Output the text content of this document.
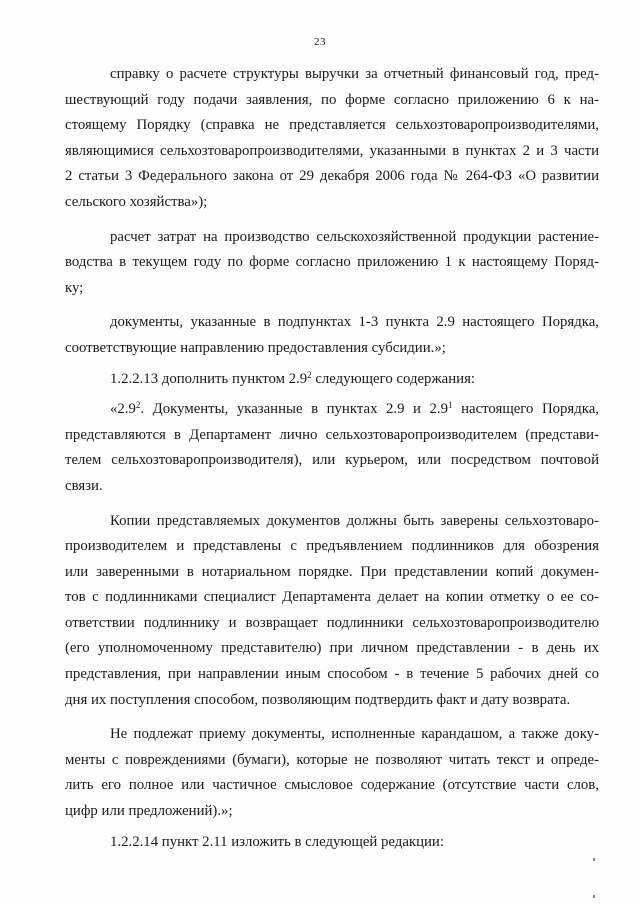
23
справку о расчете структуры выручки за отчетный финансовый год, пред-
шествующий году подачи заявления, по форме согласно приложению 6 к на-
стоящему Порядку (справка не представляется сельхозтоваропроизводителями,
являющимися сельхозтоваропроизводителями, указанными в пунктах 2 и 3 части
2 статьи 3 Федерального закона от 29 декабря 2006 года № 264-ФЗ «О развитии
сельского хозяйства»);
расчет затрат на производство сельскохозяйственной продукции растение-
водства в текущем году по форме согласно приложению 1 к настоящему Поряд-
ку;
документы, указанные в подпунктах 1-3 пункта 2.9 настоящего Порядка,
соответствующие направлению предоставления субсидии.»;
1.2.2.13 дополнить пунктом $2.9^2$ следующего содержания:
«$2.9^2$. Документы, указанные в пунктах 2.9 и $2.9^1$ настоящего Порядка,
представляются в Департамент лично сельхозтоваропроизводителем (представи-
телем сельхозтоваропроизводителя), или курьером, или посредством почтовой
связи.
Копии представляемых документов должны быть заверены сельхозтоваро-
производителем и представлены с предъявлением подлинников для обозрения
или заверенными в нотариальном порядке. При представлении копий докумен-
тов с подлинниками специалист Департамента делает на копии отметку о ее со-
ответствии подлиннику и возвращает подлинники сельхозтоваропроизводителю
(его уполномоченному представителю) при личном представлении - в день их
представления, при направлении иным способом - в течение 5 рабочих дней со
дня их поступления способом, позволяющим подтвердить факт и дату возврата.
Не подлежат приему документы, исполненные карандашом, а также доку-
менты с повреждениями (бумаги), которые не позволяют читать текст и опреде-
лить его полное или частичное смысловое содержание (отсутствие части слов,
цифр или предложений).»;
1.2.2.14 пункт 2.11 изложить в следующей редакции:
